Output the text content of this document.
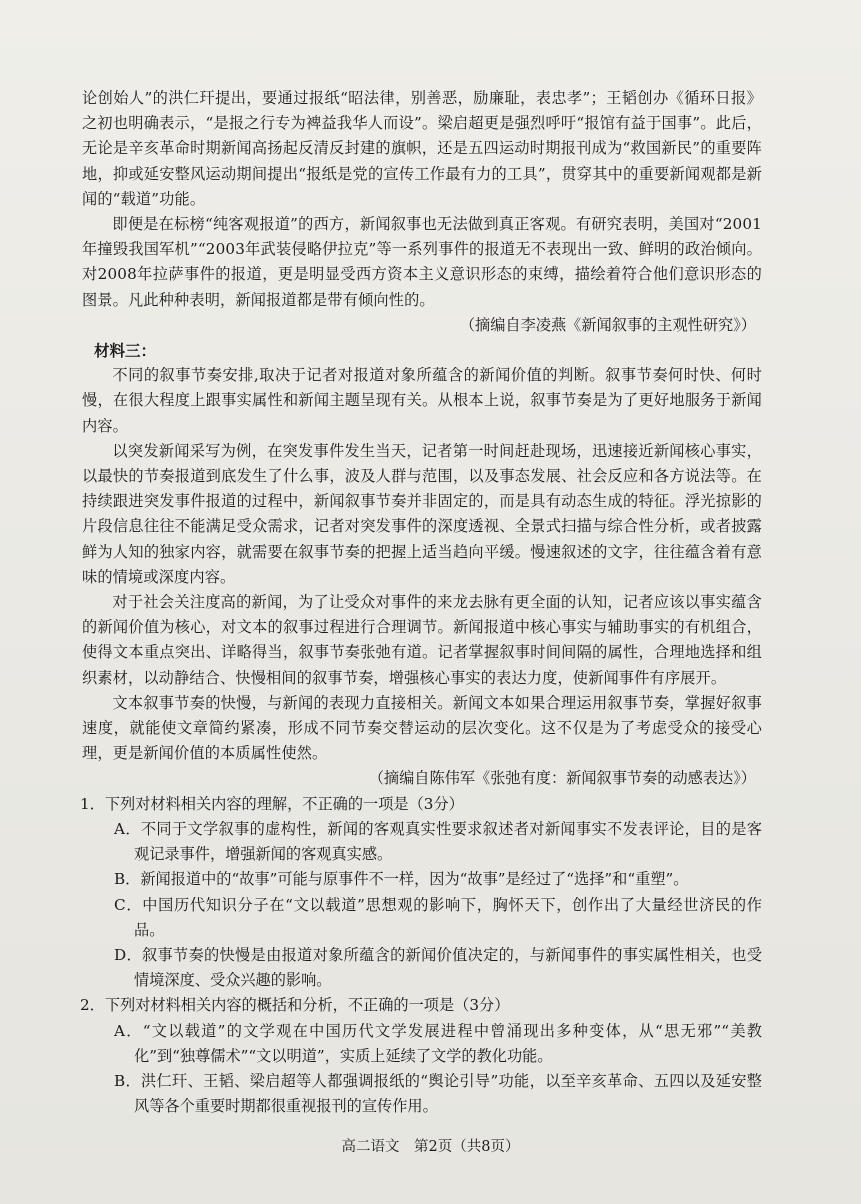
论创始人”的洪仁玕提出，要通过报纸“昭法律，别善恶，励廉耻，表忠孝”；王韬创办《循环日报》之初也明确表示，“是报之行专为裨益我华人而设”。梁启超更是强烈呼吁“报馆有益于国事”。此后，无论是辛亥革命时期新闻高扬起反清反封建的旗帜，还是五四运动时期报刊成为“救国新民”的重要阵地，抑或延安整风运动期间提出“报纸是党的宣传工作最有力的工具”，贯穿其中的重要新闻观都是新闻的“载道”功能。

即便是在标榜“纯客观报道”的西方，新闻叙事也无法做到真正客观。有研究表明，美国对“2001年撞毁我国军机”“2003年武装侵略伊拉克”等一系列事件的报道无不表现出一致、鲜明的政治倾向。对2008年拉萨事件的报道，更是明显受西方资本主义意识形态的束缚，描绘着符合他们意识形态的图景。凡此种种表明，新闻报道都是带有倾向性的。

（摘编自李凌燕《新闻叙事的主观性研究》）

材料三：

不同的叙事节奏安排,取决于记者对报道对象所蕴含的新闻价值的判断。叙事节奏何时快、何时慢，在很大程度上跟事实属性和新闻主题呈现有关。从根本上说，叙事节奏是为了更好地服务于新闻内容。

以突发新闻采写为例，在突发事件发生当天，记者第一时间赶赴现场，迅速接近新闻核心事实，以最快的节奏报道到底发生了什么事，波及人群与范围，以及事态发展、社会反应和各方说法等。在持续跟进突发事件报道的过程中，新闻叙事节奏并非固定的，而是具有动态生成的特征。浮光掠影的片段信息往往不能满足受众需求，记者对突发事件的深度透视、全景式扫描与综合性分析，或者披露鲜为人知的独家内容，就需要在叙事节奏的把握上适当趋向平缓。慢速叙述的文字，往往蕴含着有意味的情境或深度内容。

对于社会关注度高的新闻，为了让受众对事件的来龙去脉有更全面的认知，记者应该以事实蕴含的新闻价值为核心，对文本的叙事过程进行合理调节。新闻报道中核心事实与辅助事实的有机组合，使得文本重点突出、详略得当，叙事节奏张弛有道。记者掌握叙事时间间隔的属性，合理地选择和组织素材，以动静结合、快慢相间的叙事节奏，增强核心事实的表达力度，使新闻事件有序展开。

文本叙事节奏的快慢，与新闻的表现力直接相关。新闻文本如果合理运用叙事节奏，掌握好叙事速度，就能使文章简约紧凑，形成不同节奏交替运动的层次变化。这不仅是为了考虑受众的接受心理，更是新闻价值的本质属性使然。

（摘编自陈伟军《张弛有度：新闻叙事节奏的动感表达》）

1．下列对材料相关内容的理解，不正确的一项是（3分）

A．不同于文学叙事的虚构性，新闻的客观真实性要求叙述者对新闻事实不发表评论，目的是客观记录事件，增强新闻的客观真实感。

B．新闻报道中的“故事”可能与原事件不一样，因为“故事”是经过了“选择”和“重塑”。

C．中国历代知识分子在“文以载道”思想观的影响下，胸怀天下，创作出了大量经世济民的作品。

D．叙事节奏的快慢是由报道对象所蕴含的新闻价值决定的，与新闻事件的事实属性相关，也受情境深度、受众兴趣的影响。

2．下列对材料相关内容的概括和分析，不正确的一项是（3分）

A．“文以载道”的文学观在中国历代文学发展进程中曾涌现出多种变体，从“思无邪”“美教化”到“独尊儒术”“文以明道”，实质上延续了文学的教化功能。

B．洪仁玕、王韬、梁启超等人都强调报纸的“舆论引导”功能，以至辛亥革命、五四以及延安整风等各个重要时期都很重视报刊的宣传作用。

高二语文　第2页（共8页）
